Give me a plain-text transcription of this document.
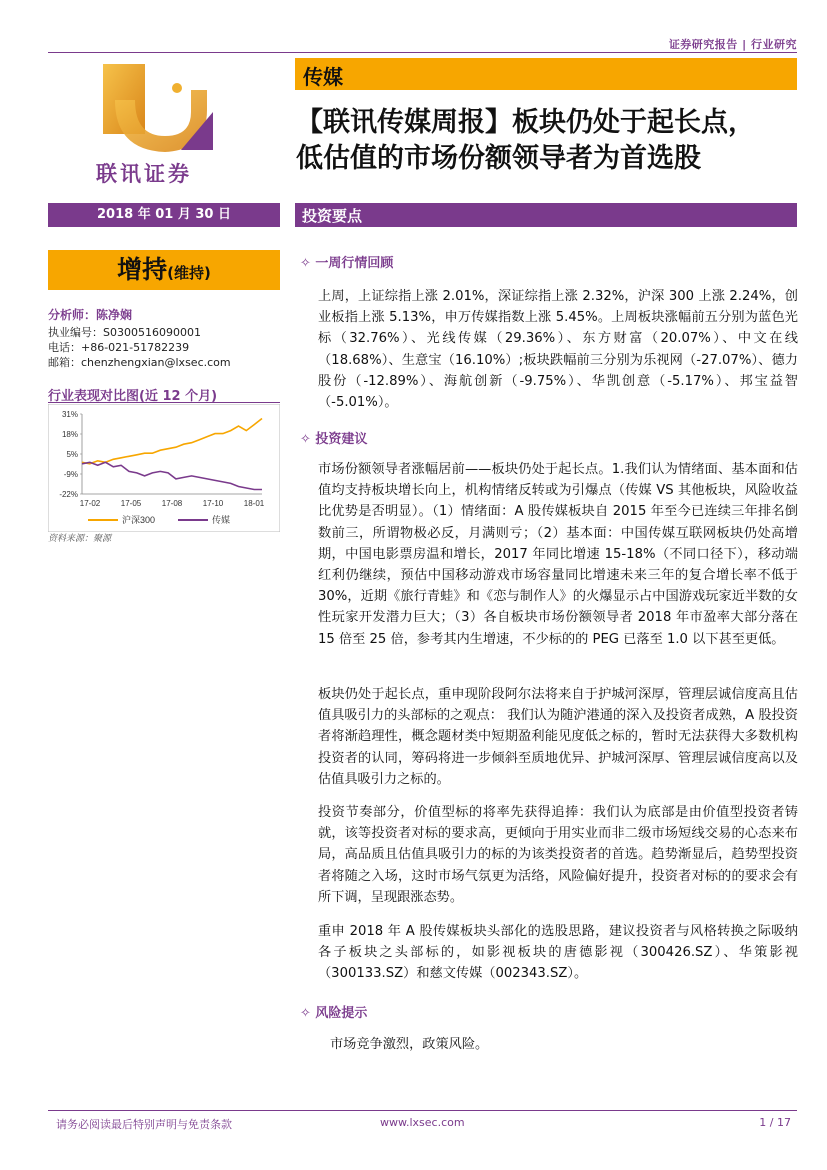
证券研究报告 | 行业研究
联讯证券
传媒
【联讯传媒周报】板块仍处于起长点，
低估值的市场份额领导者为首选股
2018 年 01 月 30 日	投资要点
增持(维持)
分析师：陈净娴
执业编号：S0300516090001
电话：+86-021-51782239
邮箱：chenzhengxian@lxsec.com
行业表现对比图(近 12 个月)
31%
18%
5%
-9%
-22%
17-02	17-05	17-08	17-10	18-01
沪深300	传媒
资料来源：聚源
✧ 一周行情回顾
上周，上证综指上涨 2.01%，深证综指上涨 2.32%，沪深 300 上涨 2.24%，创业板指上涨 5.13%，申万传媒指数上涨 5.45%。上周板块涨幅前五分别为蓝色光标（32.76%）、光线传媒（29.36%）、东方财富（20.07%）、中文在线（18.68%）、生意宝（16.10%）;板块跌幅前三分别为乐视网（-27.07%）、德力股份（-12.89%）、海航创新（-9.75%）、华凯创意（-5.17%）、邦宝益智（-5.01%）。
✧ 投资建议
市场份额领导者涨幅居前——板块仍处于起长点。1.我们认为情绪面、基本面和估值均支持板块增长向上，机构情绪反转或为引爆点（传媒 VS 其他板块，风险收益比优势是否明显）。（1）情绪面：A 股传媒板块自 2015 年至今已连续三年排名倒数前三，所谓物极必反，月满则亏；（2）基本面：中国传媒互联网板块仍处高增期，中国电影票房温和增长，2017 年同比增速 15-18%（不同口径下），移动端红利仍继续，预估中国移动游戏市场容量同比增速未来三年的复合增长率不低于 30%，近期《旅行青蛙》和《恋与制作人》的火爆显示占中国游戏玩家近半数的女性玩家开发潜力巨大；（3）各自板块市场份额领导者 2018 年市盈率大部分落在 15 倍至 25 倍，参考其内生增速，不少标的的 PEG 已落至 1.0 以下甚至更低。
板块仍处于起长点，重申现阶段阿尔法将来自于护城河深厚，管理层诚信度高且估值具吸引力的头部标的之观点： 我们认为随沪港通的深入及投资者成熟，A 股投资者将渐趋理性，概念题材类中短期盈利能见度低之标的，暂时无法获得大多数机构投资者的认同，筹码将进一步倾斜至质地优异、护城河深厚、管理层诚信度高以及估值具吸引力之标的。
投资节奏部分，价值型标的将率先获得追捧：我们认为底部是由价值型投资者铸就，该等投资者对标的要求高，更倾向于用实业而非二级市场短线交易的心态来布局，高品质且估值具吸引力的标的为该类投资者的首选。趋势渐显后，趋势型投资者将随之入场，这时市场气氛更为活络，风险偏好提升，投资者对标的的要求会有所下调，呈现跟涨态势。
重申 2018 年 A 股传媒板块头部化的选股思路，建议投资者与风格转换之际吸纳各子板块之头部标的，如影视板块的唐德影视（300426.SZ）、华策影视（300133.SZ）和慈文传媒（002343.SZ）。
✧ 风险提示
市场竞争激烈，政策风险。
请务必阅读最后特别声明与免责条款	www.lxsec.com	1 / 17
